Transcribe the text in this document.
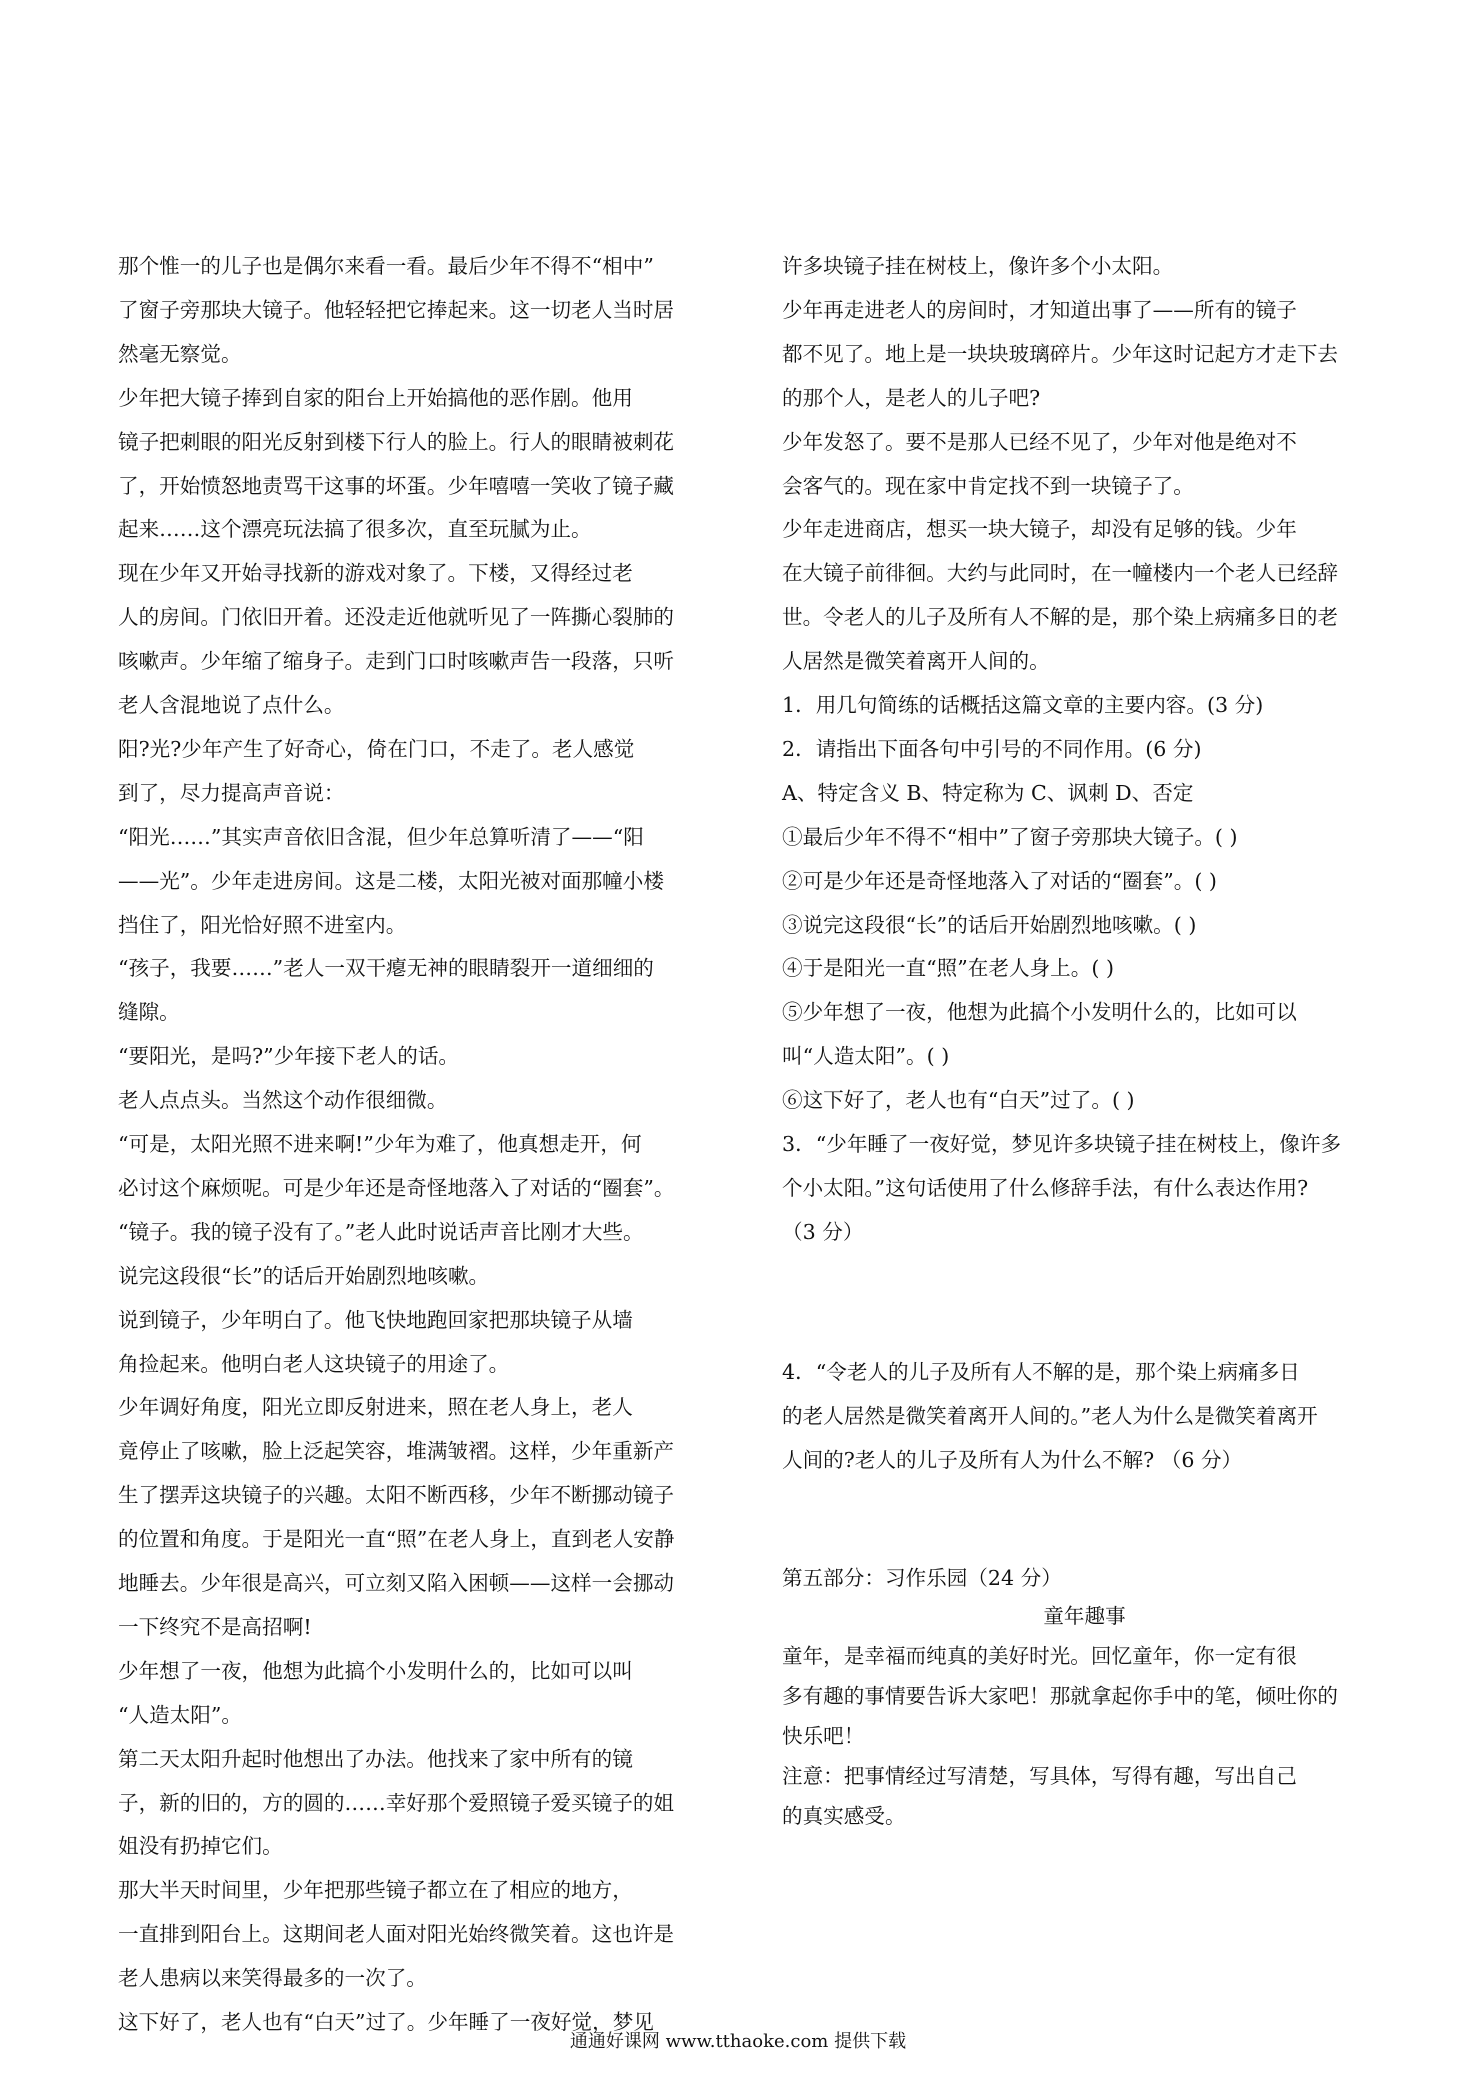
那个惟一的儿子也是偶尔来看一看。最后少年不得不“相中”
了窗子旁那块大镜子。他轻轻把它捧起来。这一切老人当时居
然毫无察觉。
少年把大镜子捧到自家的阳台上开始搞他的恶作剧。他用
镜子把刺眼的阳光反射到楼下行人的脸上。行人的眼睛被刺花
了，开始愤怒地责骂干这事的坏蛋。少年嘻嘻一笑收了镜子藏
起来……这个漂亮玩法搞了很多次，直至玩腻为止。
现在少年又开始寻找新的游戏对象了。下楼，又得经过老
人的房间。门依旧开着。还没走近他就听见了一阵撕心裂肺的
咳嗽声。少年缩了缩身子。走到门口时咳嗽声告一段落，只听
老人含混地说了点什么。
阳?光?少年产生了好奇心，倚在门口，不走了。老人感觉
到了，尽力提高声音说：
“阳光……”其实声音依旧含混，但少年总算听清了——“阳
——光”。少年走进房间。这是二楼，太阳光被对面那幢小楼
挡住了，阳光恰好照不进室内。
“孩子，我要……”老人一双干瘪无神的眼睛裂开一道细细的
缝隙。
“要阳光，是吗?”少年接下老人的话。
老人点点头。当然这个动作很细微。
“可是，太阳光照不进来啊!”少年为难了，他真想走开，何
必讨这个麻烦呢。可是少年还是奇怪地落入了对话的“圈套”。
“镜子。我的镜子没有了。”老人此时说话声音比刚才大些。
说完这段很“长”的话后开始剧烈地咳嗽。
说到镜子，少年明白了。他飞快地跑回家把那块镜子从墙
角捡起来。他明白老人这块镜子的用途了。
少年调好角度，阳光立即反射进来，照在老人身上，老人
竟停止了咳嗽，脸上泛起笑容，堆满皱褶。这样，少年重新产
生了摆弄这块镜子的兴趣。太阳不断西移，少年不断挪动镜子
的位置和角度。于是阳光一直“照”在老人身上，直到老人安静
地睡去。少年很是高兴，可立刻又陷入困顿——这样一会挪动
一下终究不是高招啊!
少年想了一夜，他想为此搞个小发明什么的，比如可以叫
“人造太阳”。
第二天太阳升起时他想出了办法。他找来了家中所有的镜
子，新的旧的，方的圆的……幸好那个爱照镜子爱买镜子的姐
姐没有扔掉它们。
那大半天时间里，少年把那些镜子都立在了相应的地方，
一直排到阳台上。这期间老人面对阳光始终微笑着。这也许是
老人患病以来笑得最多的一次了。
这下好了，老人也有“白天”过了。少年睡了一夜好觉，梦见
许多块镜子挂在树枝上，像许多个小太阳。
少年再走进老人的房间时，才知道出事了——所有的镜子
都不见了。地上是一块块玻璃碎片。少年这时记起方才走下去
的那个人，是老人的儿子吧?
少年发怒了。要不是那人已经不见了，少年对他是绝对不
会客气的。现在家中肯定找不到一块镜子了。
少年走进商店，想买一块大镜子，却没有足够的钱。少年
在大镜子前徘徊。大约与此同时，在一幢楼内一个老人已经辞
世。令老人的儿子及所有人不解的是，那个染上病痛多日的老
人居然是微笑着离开人间的。
1．用几句简练的话概括这篇文章的主要内容。(3 分)
2．请指出下面各句中引号的不同作用。(6 分)
A、特定含义 B、特定称为 C、讽刺 D、否定
①最后少年不得不“相中”了窗子旁那块大镜子。( )
②可是少年还是奇怪地落入了对话的“圈套”。( )
③说完这段很“长”的话后开始剧烈地咳嗽。( )
④于是阳光一直“照”在老人身上。( )
⑤少年想了一夜，他想为此搞个小发明什么的，比如可以
叫“人造太阳”。( )
⑥这下好了，老人也有“白天”过了。( )
3．“少年睡了一夜好觉，梦见许多块镜子挂在树枝上，像许多
个小太阳。”这句话使用了什么修辞手法，有什么表达作用?
（3 分）
4．“令老人的儿子及所有人不解的是，那个染上病痛多日
的老人居然是微笑着离开人间的。”老人为什么是微笑着离开
人间的?老人的儿子及所有人为什么不解? （6 分）
第五部分：习作乐园（24 分）
童年趣事
童年，是幸福而纯真的美好时光。回忆童年，你一定有很
多有趣的事情要告诉大家吧！那就拿起你手中的笔，倾吐你的
快乐吧！
注意：把事情经过写清楚，写具体，写得有趣，写出自己
的真实感受。
通通好课网 www.tthaoke.com 提供下载
